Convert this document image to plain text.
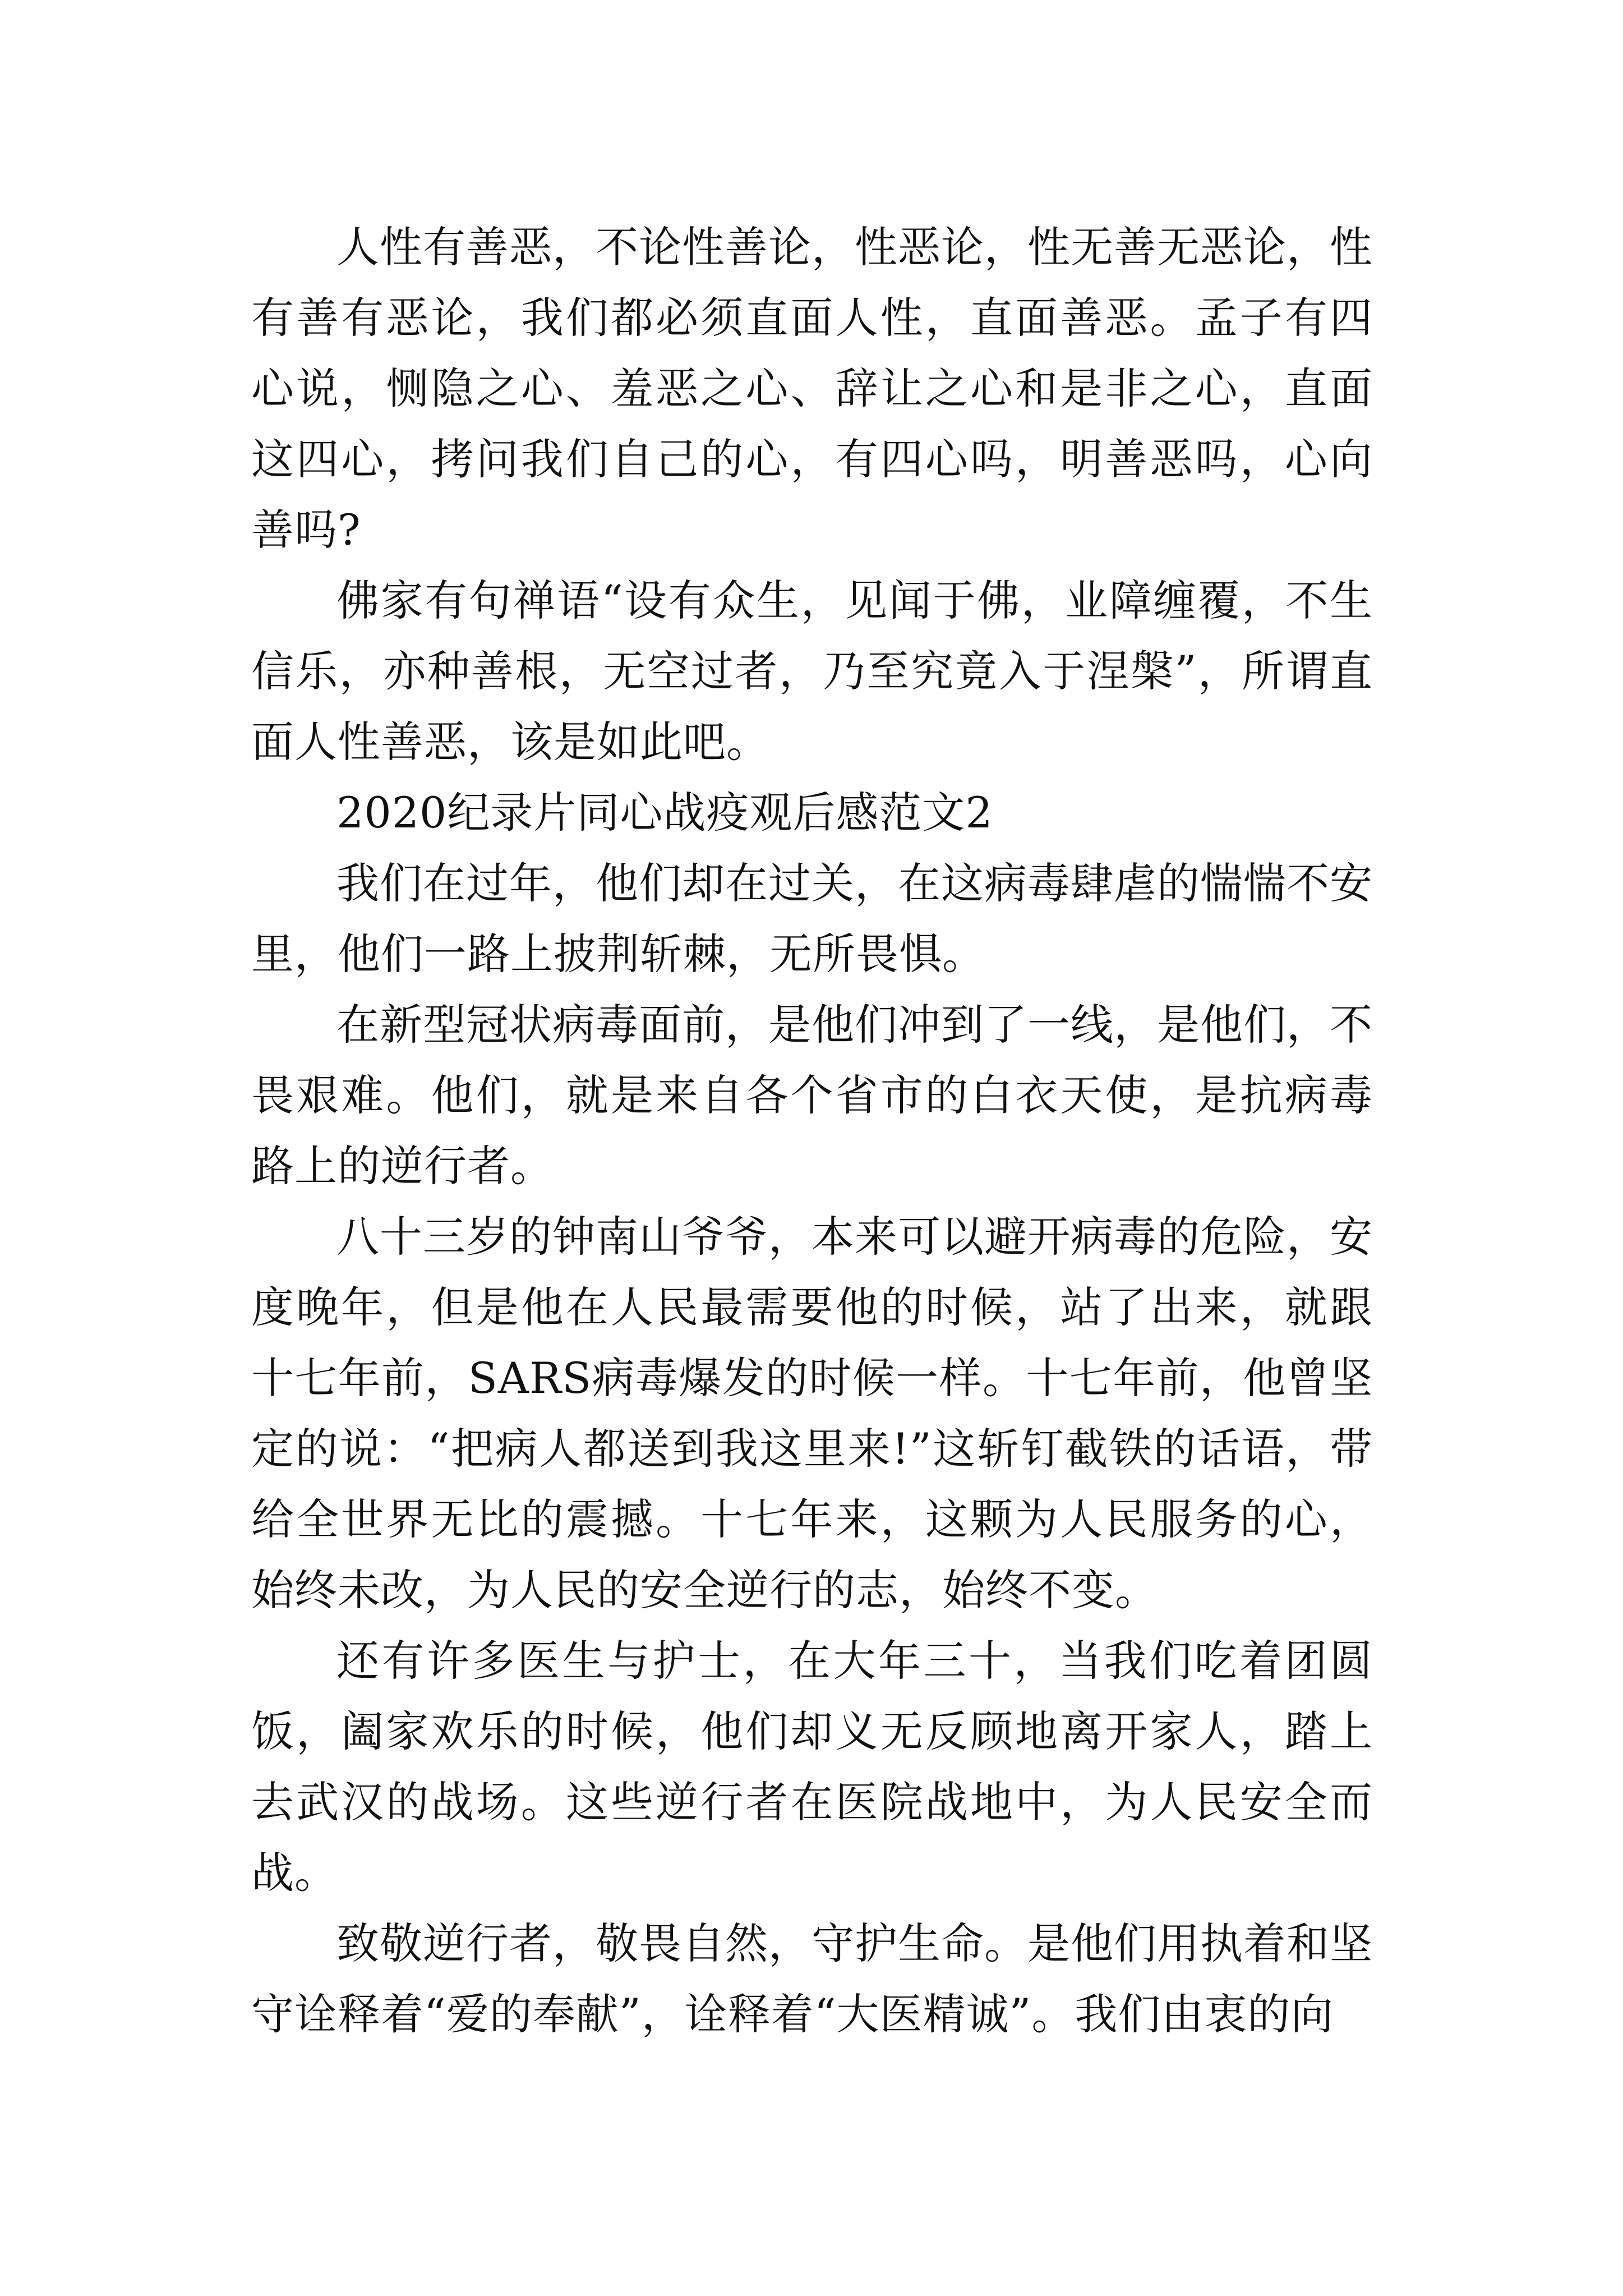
人性有善恶，不论性善论，性恶论，性无善无恶论，性有善有恶论，我们都必须直面人性，直面善恶。孟子有四心说，恻隐之心、羞恶之心、辞让之心和是非之心，直面这四心，拷问我们自己的心，有四心吗，明善恶吗，心向善吗?

佛家有句禅语“设有众生，见闻于佛，业障缠覆，不生信乐，亦种善根，无空过者，乃至究竟入于涅槃”，所谓直面人性善恶，该是如此吧。

2020纪录片同心战疫观后感范文2

我们在过年，他们却在过关，在这病毒肆虐的惴惴不安里，他们一路上披荆斩棘，无所畏惧。

在新型冠状病毒面前，是他们冲到了一线，是他们，不畏艰难。他们，就是来自各个省市的白衣天使，是抗病毒路上的逆行者。

八十三岁的钟南山爷爷，本来可以避开病毒的危险，安度晚年，但是他在人民最需要他的时候，站了出来，就跟十七年前，SARS病毒爆发的时候一样。十七年前，他曾坚定的说：“把病人都送到我这里来!”这斩钉截铁的话语，带给全世界无比的震撼。十七年来，这颗为人民服务的心，始终未改，为人民的安全逆行的志，始终不变。

还有许多医生与护士，在大年三十，当我们吃着团圆饭，阖家欢乐的时候，他们却义无反顾地离开家人，踏上去武汉的战场。这些逆行者在医院战地中，为人民安全而战。

致敬逆行者，敬畏自然，守护生命。是他们用执着和坚守诠释着“爱的奉献”，诠释着“大医精诚”。我们由衷的向
